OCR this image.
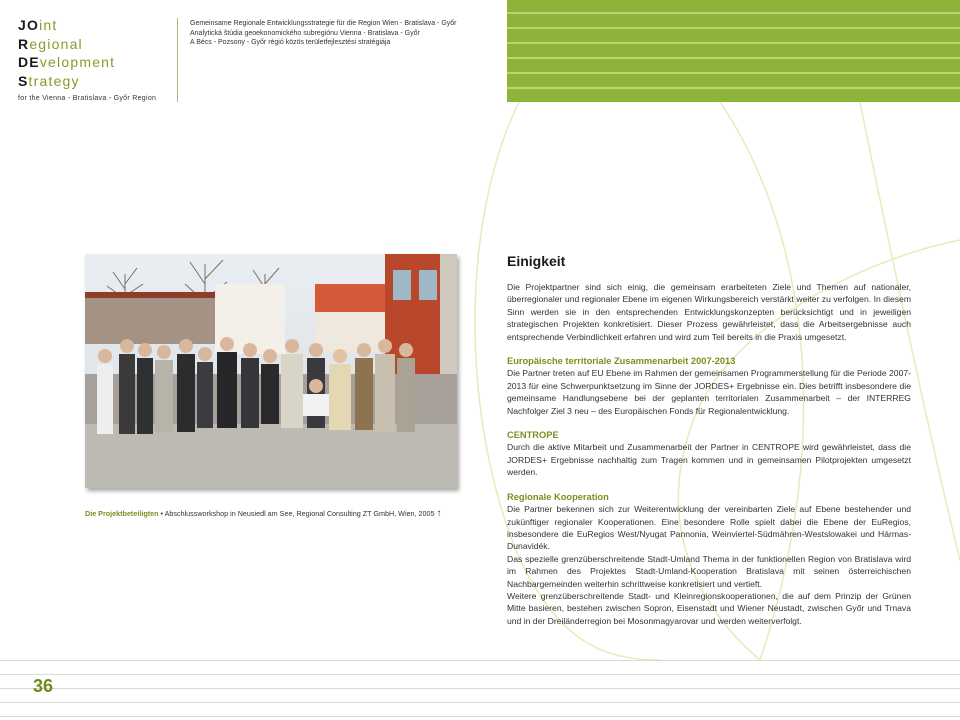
JOint
Regional
DEvelopment
Strategy
for the Vienna - Bratislava - Győr Region
Gemeinsame Regionale Entwicklungsstrategie für die Region Wien - Bratislava - Győr
Analytická štúdia geoekonomického subregiónu Vienna - Bratislava - Győr
A Bécs - Pozsony - Győr régió közös területfejlesztési stratégiája
Die Projektbeteiligten • Abschlussworkshop in Neusiedl am See, Regional Consulting ZT GmbH, Wien, 2005 ↑
Einigkeit

Die Projektpartner sind sich einig, die gemeinsam erarbeiteten Ziele und Themen auf nationaler, überregionaler und regionaler Ebene im eigenen Wirkungsbereich verstärkt weiter zu verfolgen. In diesem Sinn werden sie in den entsprechenden Entwicklungskonzepten berücksichtigt und in jeweiligen strategischen Projekten konkretisiert. Dieser Prozess gewährleistet, dass die Arbeitsergebnisse auch entsprechende Verbindlichkeit erfahren und wird zum Teil bereits in die Praxis umgesetzt.

Europäische territoriale Zusammenarbeit 2007-2013

Die Partner treten auf EU Ebene im Rahmen der gemeinsamen Programmerstellung für die Periode 2007-2013 für eine Schwerpunktsetzung im Sinne der JORDES+ Ergebnisse ein. Dies betrifft insbesondere die gemeinsame Handlungsebene bei der geplanten territorialen Zusammenarbeit – der INTERREG Nachfolger Ziel 3 neu – des Europäischen Fonds für Regionalentwicklung.

CENTROPE

Durch die aktive Mitarbeit und Zusammenarbeit der Partner in CENTROPE wird gewährleistet, dass die JORDES+ Ergebnisse nachhaltig zum Tragen kommen und in gemeinsamen Pilotprojekten umgesetzt werden.

Regionale Kooperation

Die Partner bekennen sich zur Weiterentwicklung der vereinbarten Ziele auf Ebene bestehender und zukünftiger regionaler Kooperationen. Eine besondere Rolle spielt dabei die Ebene der EuRegios, insbesondere die EuRegios West/Nyugat Pannonia, Weinviertel-Südmähren-Westslowakei und Hármas-Dunavidék.

Das spezielle grenzüberschreitende Stadt-Umland Thema in der funktionellen Region von Bratislava wird im Rahmen des Projektes Stadt-Umland-Kooperation Bratislava mit seinen österreichischen Nachbargemeinden weiterhin schrittweise konkretisiert und vertieft.

Weitere grenzüberschreitende Stadt- und Kleinregionskooperationen, die auf dem Prinzip der Grünen Mitte basieren, bestehen zwischen Sopron, Eisenstadt und Wiener Neustadt, zwischen Győr und Trnava und in der Dreiländerregion bei Mosonmagyarovar und werden weiterverfolgt.

36
